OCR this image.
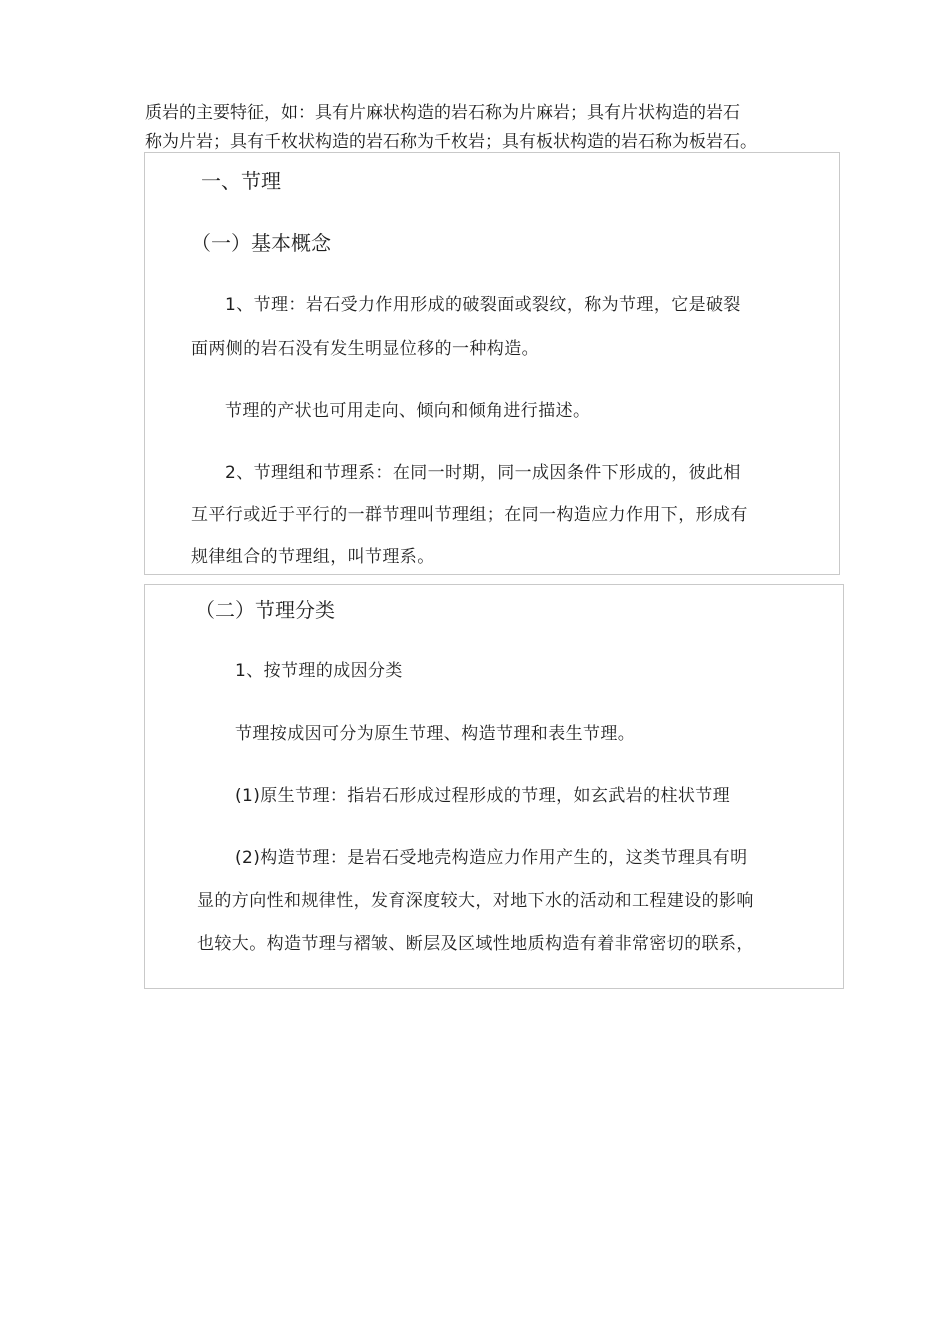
质岩的主要特征，如：具有片麻状构造的岩石称为片麻岩；具有片状构造的岩石

称为片岩；具有千枚状构造的岩石称为千枚岩；具有板状构造的岩石称为板岩石。

一、节理

（一）基本概念

1、节理：岩石受力作用形成的破裂面或裂纹，称为节理，它是破裂

面两侧的岩石没有发生明显位移的一种构造。

节理的产状也可用走向、倾向和倾角进行描述。

2、节理组和节理系：在同一时期，同一成因条件下形成的，彼此相

互平行或近于平行的一群节理叫节理组；在同一构造应力作用下，形成有

规律组合的节理组，叫节理系。

（二）节理分类

1、按节理的成因分类

节理按成因可分为原生节理、构造节理和表生节理。

(1)原生节理：指岩石形成过程形成的节理，如玄武岩的柱状节理

(2)构造节理：是岩石受地壳构造应力作用产生的，这类节理具有明

显的方向性和规律性，发育深度较大，对地下水的活动和工程建设的影响

也较大。构造节理与褶皱、断层及区域性地质构造有着非常密切的联系，
